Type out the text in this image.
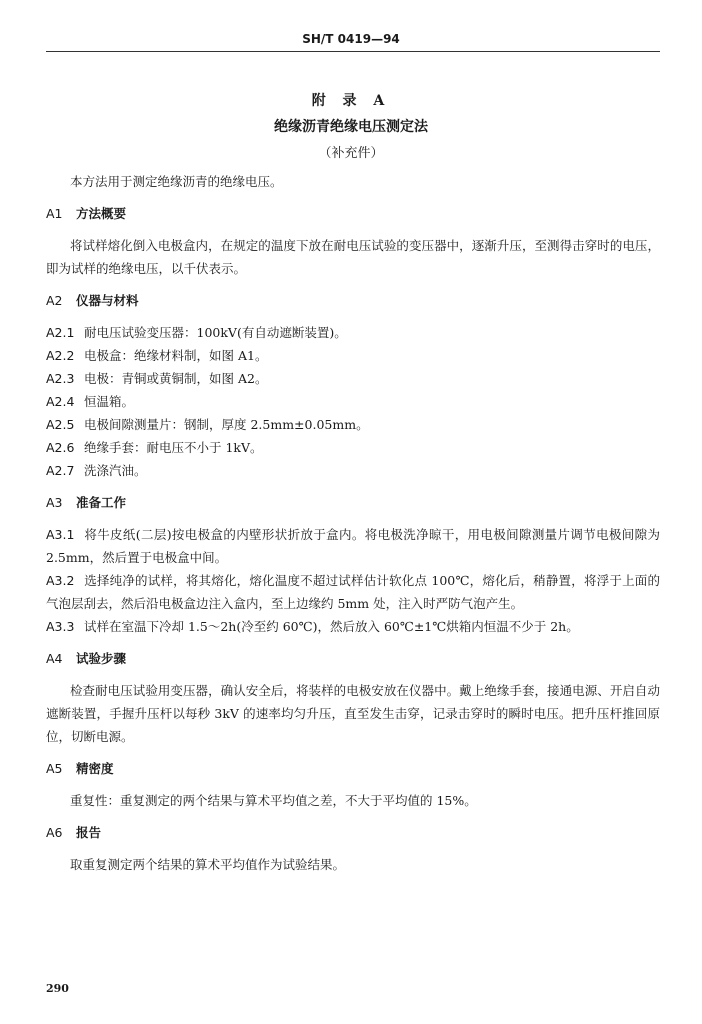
SH/T 0419—94
附 录 A
绝缘沥青绝缘电压测定法
（补充件）

本方法用于测定绝缘沥青的绝缘电压。

A1 方法概要

将试样熔化倒入电极盒内，在规定的温度下放在耐电压试验的变压器中，逐渐升压，至测得击穿时的电压，即为试样的绝缘电压，以千伏表示。

A2 仪器与材料

A2.1 耐电压试验变压器：100kV(有自动遮断装置)。

A2.2 电极盒：绝缘材料制，如图 A1。

A2.3 电极：青铜或黄铜制，如图 A2。

A2.4 恒温箱。

A2.5 电极间隙测量片：钢制，厚度 2.5mm±0.05mm。

A2.6 绝缘手套：耐电压不小于 1kV。

A2.7 洗涤汽油。

A3 准备工作

A3.1 将牛皮纸(二层)按电极盒的内壁形状折放于盒内。将电极洗净晾干，用电极间隙测量片调节电极间隙为 2.5mm，然后置于电极盒中间。

A3.2 选择纯净的试样，将其熔化，熔化温度不超过试样估计软化点 100℃，熔化后，稍静置，将浮于上面的气泡层刮去，然后沿电极盒边注入盒内，至上边缘约 5mm 处，注入时严防气泡产生。

A3.3 试样在室温下冷却 1.5～2h(冷至约 60℃)，然后放入 60℃±1℃烘箱内恒温不少于 2h。

A4 试验步骤

检查耐电压试验用变压器，确认安全后，将装样的电极安放在仪器中。戴上绝缘手套，接通电源、开启自动遮断装置，手握升压杆以每秒 3kV 的速率均匀升压，直至发生击穿，记录击穿时的瞬时电压。把升压杆推回原位，切断电源。

A5 精密度

重复性：重复测定的两个结果与算术平均值之差，不大于平均值的 15%。

A6 报告

取重复测定两个结果的算术平均值作为试验结果。

290
